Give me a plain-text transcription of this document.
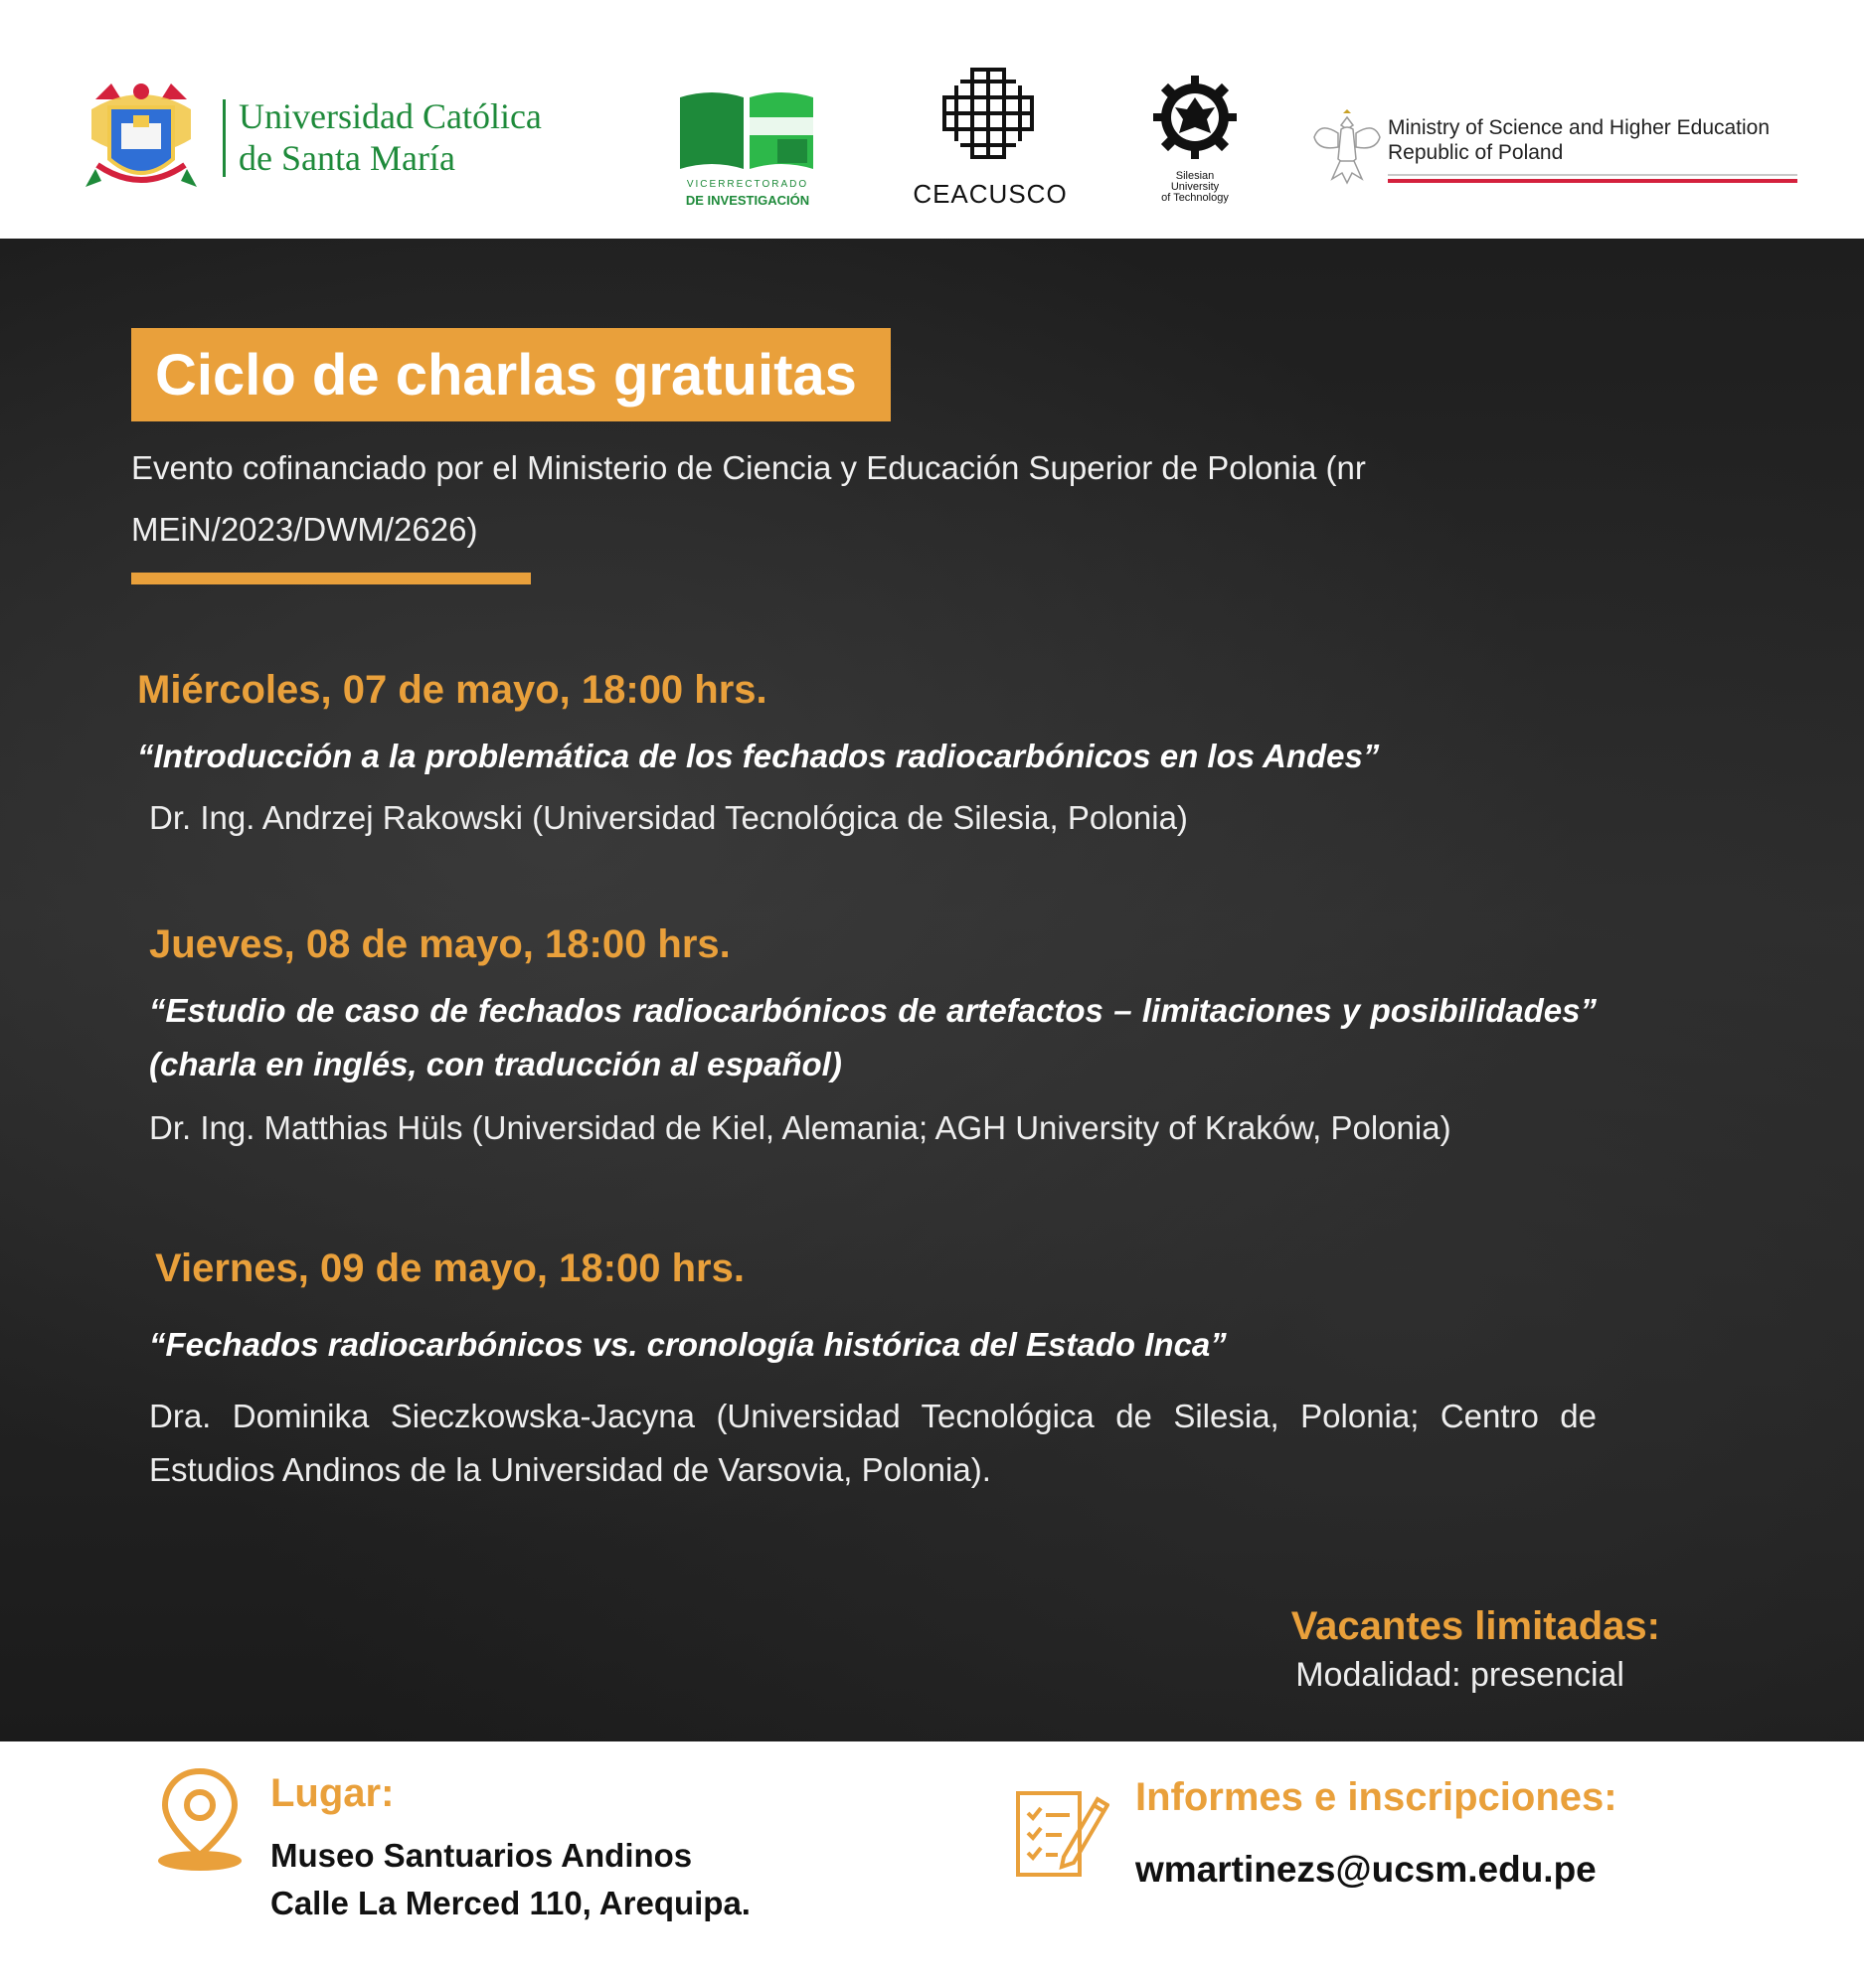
Universidad Católica
de Santa María
VICERRECTORADO
DE INVESTIGACIÓN	CEACUSCO
Silesian
University
of Technology
Ministry of Science and Higher Education
Republic of Poland
Ciclo de charlas gratuitas
Evento cofinanciado por el Ministerio de Ciencia y Educación Superior de Polonia (nr MEiN/2023/DWM/2626)
Miércoles, 07 de mayo, 18:00 hrs.
“Introducción a la problemática de los fechados radiocarbónicos en los Andes”
Dr. Ing. Andrzej Rakowski (Universidad Tecnológica de Silesia, Polonia)
Jueves, 08 de mayo, 18:00 hrs.
“Estudio de caso de fechados radiocarbónicos de artefactos – limitaciones y posibilidades” (charla en inglés, con traducción al español)
Dr. Ing. Matthias Hüls (Universidad de Kiel, Alemania; AGH University of Kraków, Polonia)
Viernes, 09 de mayo, 18:00 hrs.
“Fechados radiocarbónicos vs. cronología histórica del Estado Inca”
Dra. Dominika Sieczkowska-Jacyna (Universidad Tecnológica de Silesia, Polonia; Centro de Estudios Andinos de la Universidad de Varsovia, Polonia).
Vacantes limitadas:
Modalidad: presencial
Lugar:
Museo Santuarios Andinos
Calle La Merced 110, Arequipa.
Informes e inscripciones:
wmartinezs@ucsm.edu.pe
